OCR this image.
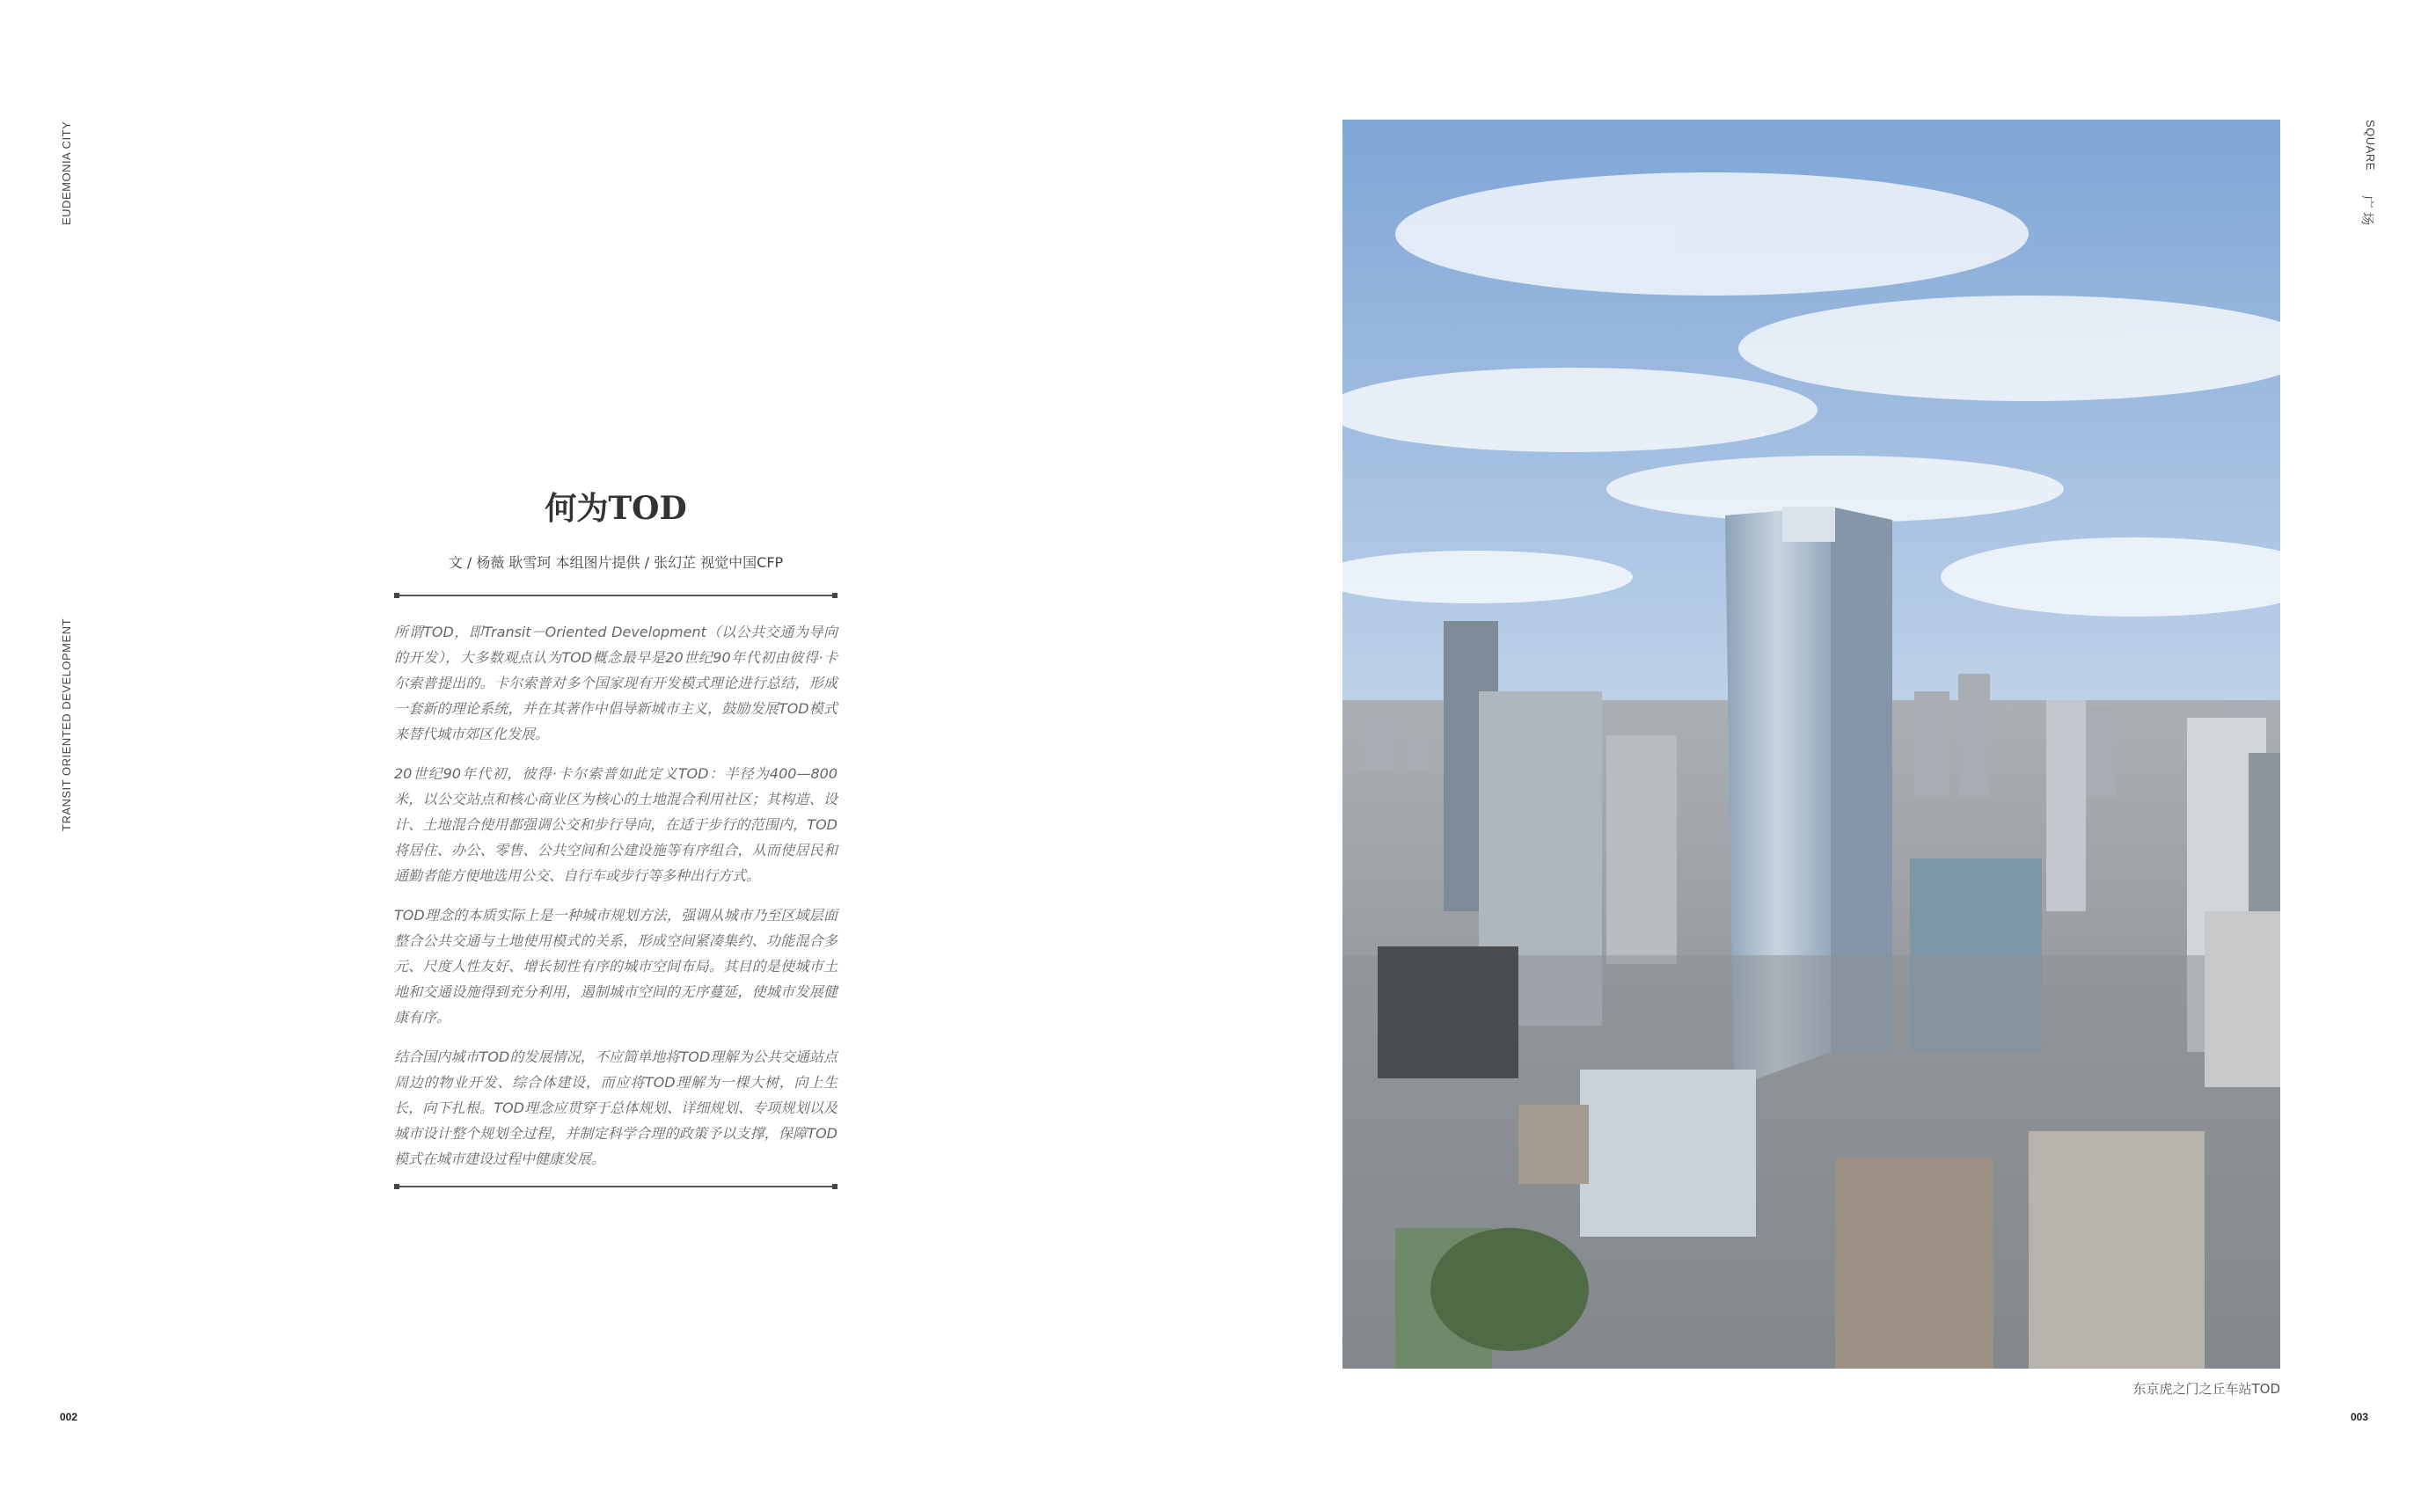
EUDEMONIA CITY
TRANSIT ORIENTED DEVELOPMENT
SQUARE
广场
002	003
何为TOD
文 / 杨薇 耿雪珂 本组图片提供 / 张幻芷 视觉中国CFP

所谓TOD，即Transit－Oriented Development（以公共交通为导向的开发），大多数观点认为TOD概念最早是20世纪90年代初由彼得·卡尔索普提出的。卡尔索普对多个国家现有开发模式理论进行总结，形成一套新的理论系统，并在其著作中倡导新城市主义，鼓励发展TOD模式来替代城市郊区化发展。

20世纪90年代初，彼得·卡尔索普如此定义TOD：半径为400—800米，以公交站点和核心商业区为核心的土地混合利用社区；其构造、设计、土地混合使用都强调公交和步行导向，在适于步行的范围内，TOD将居住、办公、零售、公共空间和公建设施等有序组合，从而使居民和通勤者能方便地选用公交、自行车或步行等多种出行方式。

TOD理念的本质实际上是一种城市规划方法，强调从城市乃至区域层面整合公共交通与土地使用模式的关系，形成空间紧凑集约、功能混合多元、尺度人性友好、增长韧性有序的城市空间布局。其目的是使城市土地和交通设施得到充分利用，遏制城市空间的无序蔓延，使城市发展健康有序。

结合国内城市TOD的发展情况，不应简单地将TOD理解为公共交通站点周边的物业开发、综合体建设，而应将TOD理解为一棵大树，向上生长，向下扎根。TOD理念应贯穿于总体规划、详细规划、专项规划以及城市设计整个规划全过程，并制定科学合理的政策予以支撑，保障TOD模式在城市建设过程中健康发展。

东京虎之门之丘车站TOD
